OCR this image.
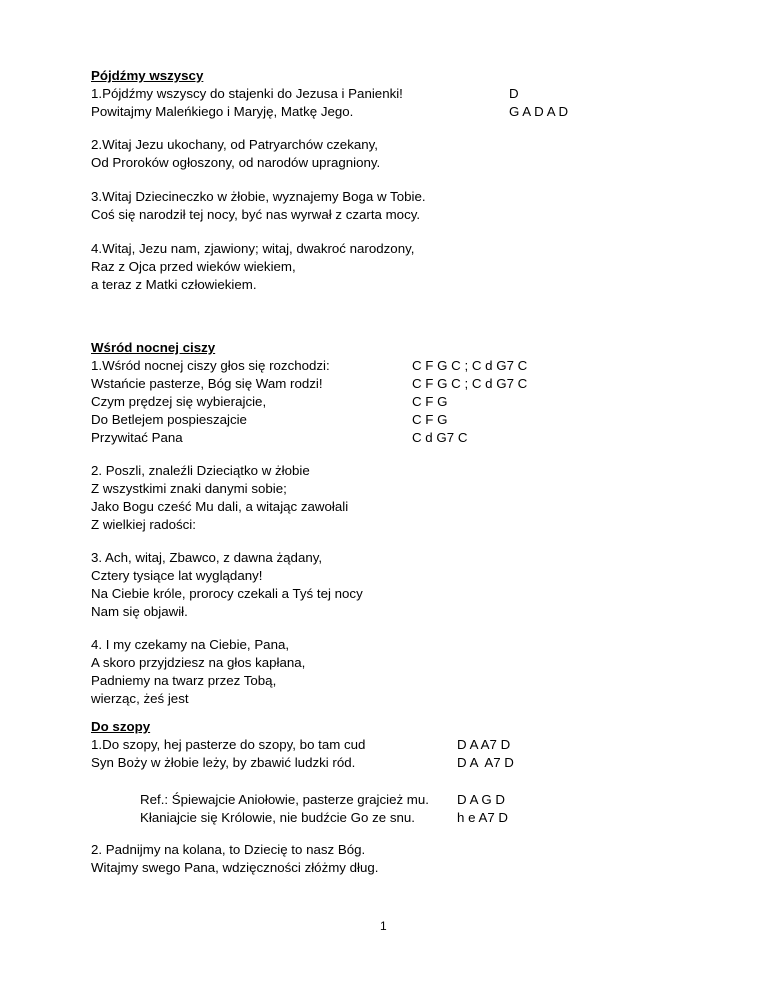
Pójdźmy wszyscy
1.Pójdźmy wszyscy do stajenki do Jezusa i Panienki!
Powitajmy Maleńkiego i Maryję, Matkę Jego.
D
G A D A D
2.Witaj Jezu ukochany, od Patryarchów czekany,
Od Proroków ogłoszony, od narodów upragniony.
3.Witaj Dziecineczko w żłobie, wyznajemy Boga w Tobie.
Coś się narodził tej nocy, być nas wyrwał z czarta mocy.
4.Witaj, Jezu nam, zjawiony; witaj, dwakroć narodzony,
Raz z Ojca przed wieków wiekiem,
a teraz z Matki człowiekiem.
Wśród nocnej ciszy
1.Wśród nocnej ciszy głos się rozchodzi:
Wstańcie pasterze, Bóg się Wam rodzi!
Czym prędzej się wybierajcie,
Do Betlejem pospieszajcie
Przywitać Pana
C F G C ; C d G7 C
C F G C ; C d G7 C
C F G
C F G
C d G7 C
2. Poszli, znaleźli Dzieciątko w żłobie
Z wszystkimi znaki danymi sobie;
Jako Bogu cześć Mu dali, a witając zawołali
Z wielkiej radości:
3. Ach, witaj, Zbawco, z dawna żądany,
Cztery tysiące lat wyglądany!
Na Ciebie króle, prorocy czekali a Tyś tej nocy
Nam się objawił.
4. I my czekamy na Ciebie, Pana,
A skoro przyjdziesz na głos kapłana,
Padniemy na twarz przez Tobą,
wierząc, żeś jest
Do szopy
1.Do szopy, hej pasterze do szopy, bo tam cud
Syn Boży w żłobie leży, by zbawić ludzki ród.
D A A7 D
D A  A7 D
Ref.: Śpiewajcie Aniołowie, pasterze grajcież mu.
Kłaniajcie się Królowie, nie budźcie Go ze snu.
D A G D
h e A7 D
2. Padnijmy na kolana, to Dziecię to nasz Bóg.
Witajmy swego Pana, wdzięczności złóżmy dług.
1
